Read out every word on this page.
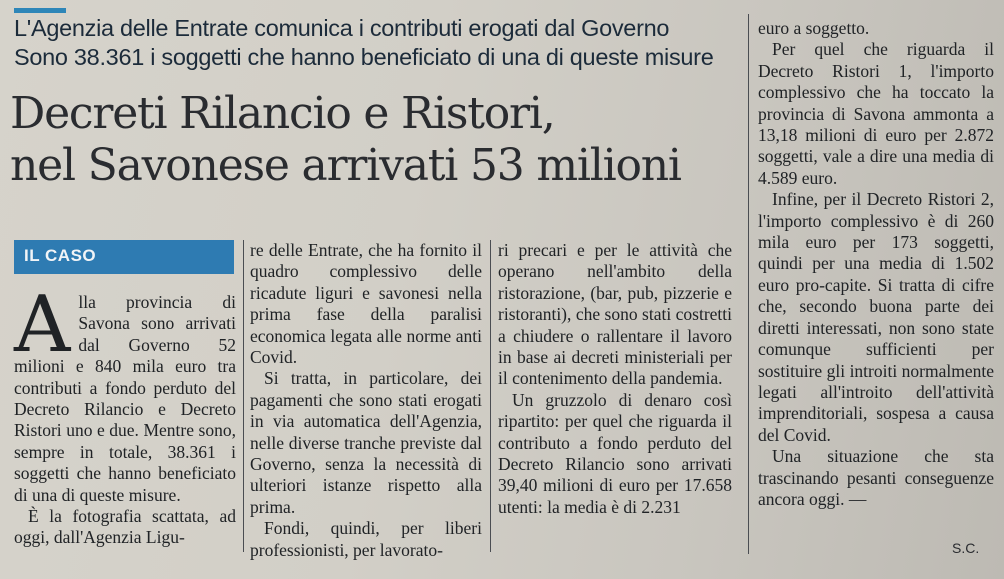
L'Agenzia delle Entrate comunica i contributi erogati dal Governo
Sono 38.361 i soggetti che hanno beneficiato di una di queste misure
Decreti Rilancio e Ristori,
nel Savonese arrivati 53 milioni
IL CASO

Alla provincia di Savona sono arrivati dal Governo 52 milioni e 840 mila euro tra contributi a fondo perduto del Decreto Rilancio e Decreto Ristori uno e due. Mentre sono, sempre in totale, 38.361 i soggetti che hanno beneficiato di una di queste misure.

È la fotografia scattata, ad oggi, dall'Agenzia Ligu-

re delle Entrate, che ha fornito il quadro complessivo delle ricadute liguri e savonesi nella prima fase della paralisi economica legata alle norme anti Covid.

Si tratta, in particolare, dei pagamenti che sono stati erogati in via automatica dell'Agenzia, nelle diverse tranche previste dal Governo, senza la necessità di ulteriori istanze rispetto alla prima.

Fondi, quindi, per liberi professionisti, per lavorato-

ri precari e per le attività che operano nell'ambito della ristorazione, (bar, pub, pizzerie e ristoranti), che sono stati costretti a chiudere o rallentare il lavoro in base ai decreti ministeriali per il contenimento della pandemia.

Un gruzzolo di denaro così ripartito: per quel che riguarda il contributo a fondo perduto del Decreto Rilancio sono arrivati 39,40 milioni di euro per 17.658 utenti: la media è di 2.231

euro a soggetto.

Per quel che riguarda il Decreto Ristori 1, l'importo complessivo che ha toccato la provincia di Savona ammonta a 13,18 milioni di euro per 2.872 soggetti, vale a dire una media di 4.589 euro.

Infine, per il Decreto Ristori 2, l'importo complessivo è di 260 mila euro per 173 soggetti, quindi per una media di 1.502 euro pro-capite. Si tratta di cifre che, secondo buona parte dei diretti interessati, non sono state comunque sufficienti per sostituire gli introiti normalmente legati all'introito dell'attività imprenditoriali, sospesa a causa del Covid.

Una situazione che sta trascinando pesanti conseguenze ancora oggi. —

S.C.
